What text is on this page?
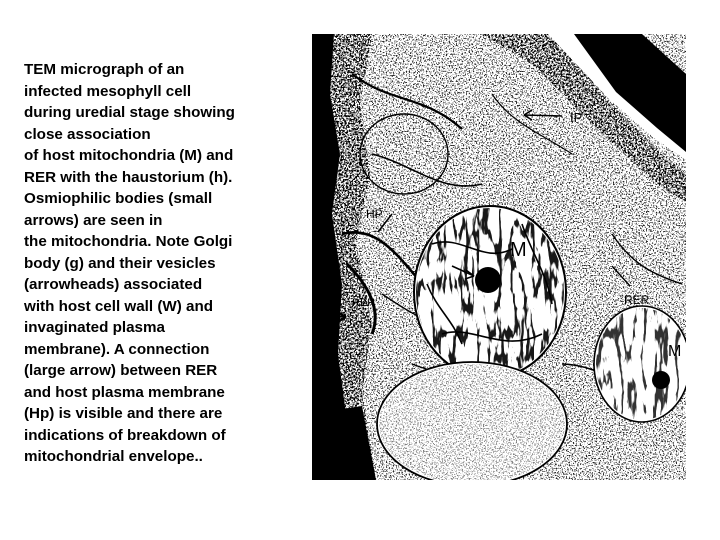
TEM micrograph of an
infected mesophyll cell
during uredial stage showing
close association
of host mitochondria (M) and
RER with the haustorium (h).
Osmiophilic bodies (small
arrows) are seen in
the mitochondria. Note Golgi
body (g) and their vesicles
(arrowheads) associated
with host cell wall (W) and
invaginated plasma
membrane). A connection
(large arrow) between RER
and host plasma membrane
(Hp) is visible and there are
indications of breakdown of
mitochondrial envelope..
h
IP
HP
M
RER
RER
M
W
28
